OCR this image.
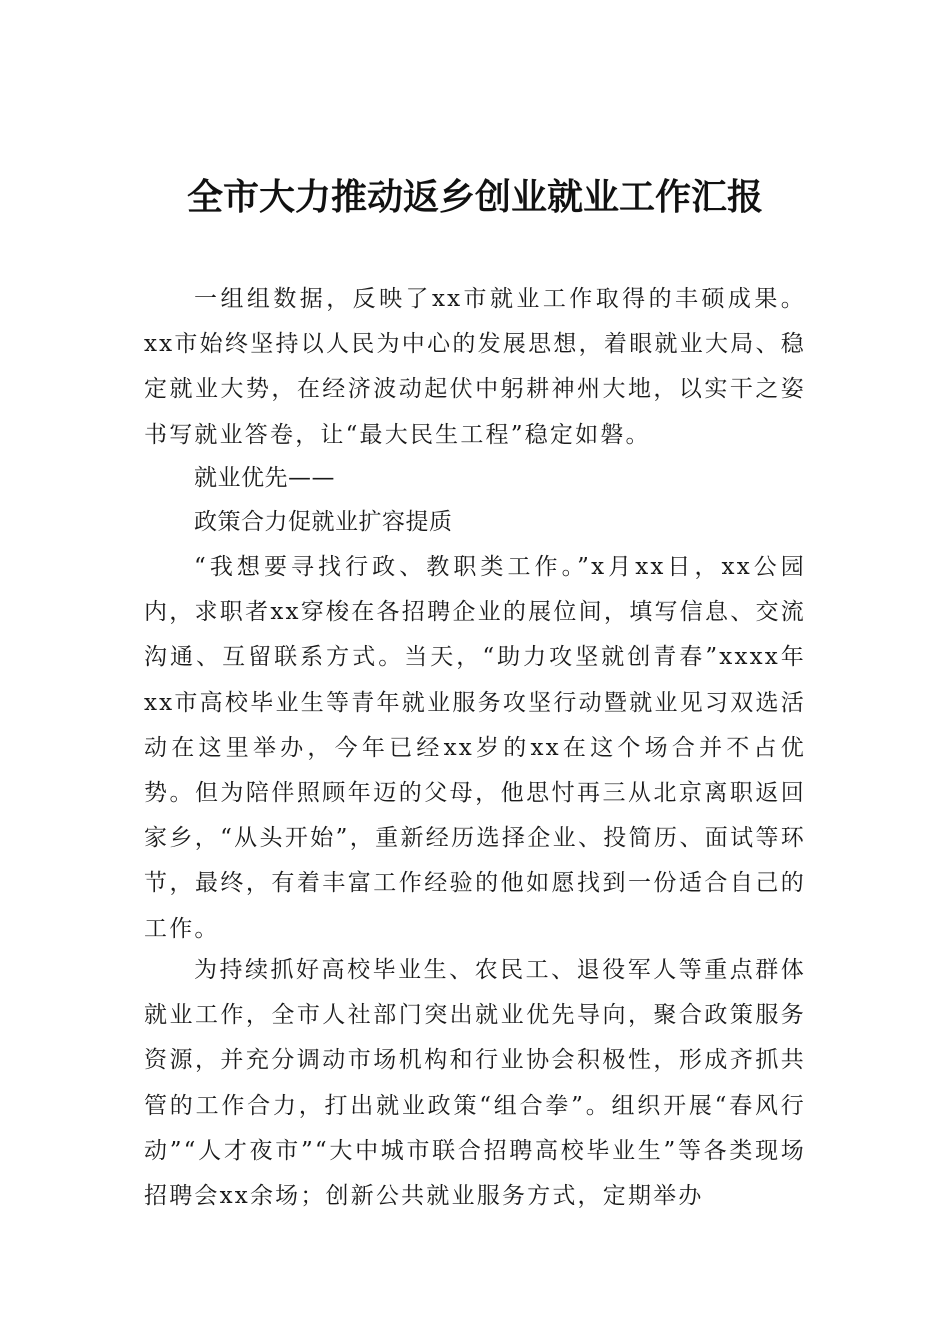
全市大力推动返乡创业就业工作汇报
一组组数据，反映了xx市就业工作取得的丰硕成果。xx市始终坚持以人民为中心的发展思想，着眼就业大局、稳定就业大势，在经济波动起伏中躬耕神州大地，以实干之姿书写就业答卷，让“最大民生工程”稳定如磐。
就业优先——
政策合力促就业扩容提质
“我想要寻找行政、教职类工作。”x月xx日，xx公园内，求职者xx穿梭在各招聘企业的展位间，填写信息、交流沟通、互留联系方式。当天，“助力攻坚就创青春”xxxx年xx市高校毕业生等青年就业服务攻坚行动暨就业见习双选活动在这里举办，今年已经xx岁的xx在这个场合并不占优势。但为陪伴照顾年迈的父母，他思忖再三从北京离职返回家乡，“从头开始”，重新经历选择企业、投简历、面试等环节，最终，有着丰富工作经验的他如愿找到一份适合自己的工作。
为持续抓好高校毕业生、农民工、退役军人等重点群体就业工作，全市人社部门突出就业优先导向，聚合政策服务资源，并充分调动市场机构和行业协会积极性，形成齐抓共管的工作合力，打出就业政策“组合拳”。组织开展“春风行动”“人才夜市”“大中城市联合招聘高校毕业生”等各类现场招聘会xx余场；创新公共就业服务方式，定期举办
